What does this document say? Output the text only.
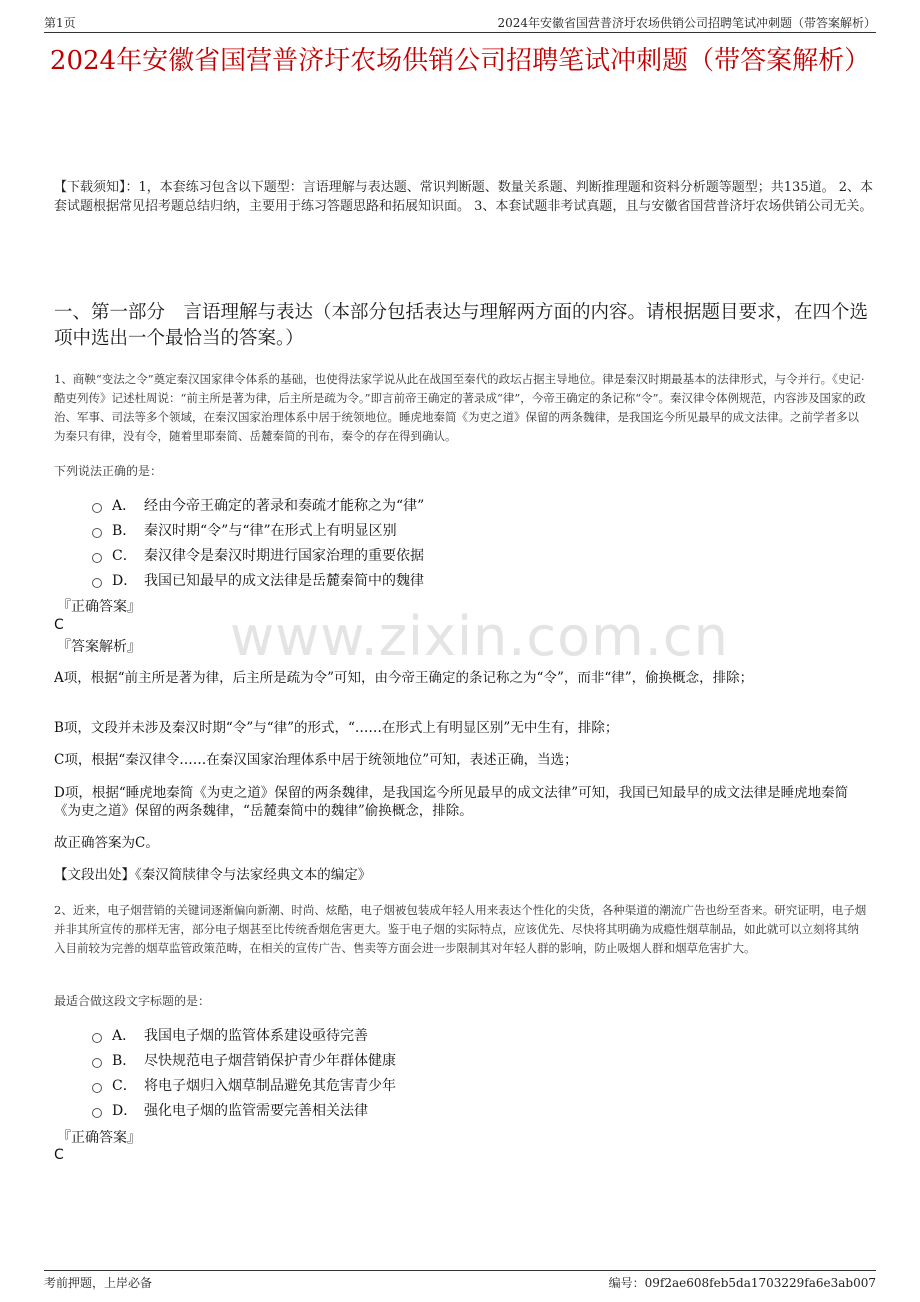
第1页	2024年安徽省国营普济圩农场供销公司招聘笔试冲刺题（带答案解析）
2024年安徽省国营普济圩农场供销公司招聘笔试冲刺题（带答案解析）
【下载须知】：1，本套练习包含以下题型：言语理解与表达题、常识判断题、数量关系题、判断推理题和资料分析题等题型；共135道。 2、本套试题根据常见招考题总结归纳，主要用于练习答题思路和拓展知识面。 3、本套试题非考试真题，且与安徽省国营普济圩农场供销公司无关。
一、第一部分　言语理解与表达（本部分包括表达与理解两方面的内容。请根据题目要求，在四个选项中选出一个最恰当的答案。）
www.zixin.com.cn
1、商鞅“变法之令”奠定秦汉国家律令体系的基础，也使得法家学说从此在战国至秦代的政坛占据主导地位。律是秦汉时期最基本的法律形式，与令并行。《史记·酷吏列传》记述杜周说：“前主所是著为律，后主所是疏为令。”即言前帝王确定的著录成“律”，今帝王确定的条记称“令”。秦汉律令体例规范，内容涉及国家的政治、军事、司法等多个领域，在秦汉国家治理体系中居于统领地位。睡虎地秦简《为吏之道》保留的两条魏律，是我国迄今所见最早的成文法律。之前学者多以为秦只有律，没有令，随着里耶秦简、岳麓秦简的刊布，秦令的存在得到确认。
下列说法正确的是：
A． 经由今帝王确定的著录和奏疏才能称之为“律”
B． 秦汉时期“令”与“律”在形式上有明显区别
C． 秦汉律令是秦汉时期进行国家治理的重要依据
D． 我国已知最早的成文法律是岳麓秦简中的魏律
『正确答案』
C
『答案解析』
A项，根据“前主所是著为律，后主所是疏为令”可知，由今帝王确定的条记称之为“令”，而非“律”，偷换概念，排除；
B项，文段并未涉及秦汉时期“令”与“律”的形式，“……在形式上有明显区别”无中生有，排除；
C项，根据“秦汉律令……在秦汉国家治理体系中居于统领地位”可知，表述正确，当选；
D项，根据“睡虎地秦简《为吏之道》保留的两条魏律，是我国迄今所见最早的成文法律”可知，我国已知最早的成文法律是睡虎地秦简《为吏之道》保留的两条魏律，“岳麓秦简中的魏律”偷换概念，排除。
故正确答案为C。
【文段出处】《秦汉简牍律令与法家经典文本的编定》
2、近来，电子烟营销的关键词逐渐偏向新潮、时尚、炫酷，电子烟被包装成年轻人用来表达个性化的尖货，各种渠道的潮流广告也纷至沓来。研究证明，电子烟并非其所宣传的那样无害，部分电子烟甚至比传统香烟危害更大。鉴于电子烟的实际特点，应该优先、尽快将其明确为成瘾性烟草制品，如此就可以立刻将其纳入目前较为完善的烟草监管政策范畴，在相关的宣传广告、售卖等方面会进一步限制其对年轻人群的影响，防止吸烟人群和烟草危害扩大。
最适合做这段文字标题的是：
A． 我国电子烟的监管体系建设亟待完善
B． 尽快规范电子烟营销保护青少年群体健康
C． 将电子烟归入烟草制品避免其危害青少年
D． 强化电子烟的监管需要完善相关法律
『正确答案』
C
考前押题，上岸必备	编号：09f2ae608feb5da1703229fa6e3ab007
